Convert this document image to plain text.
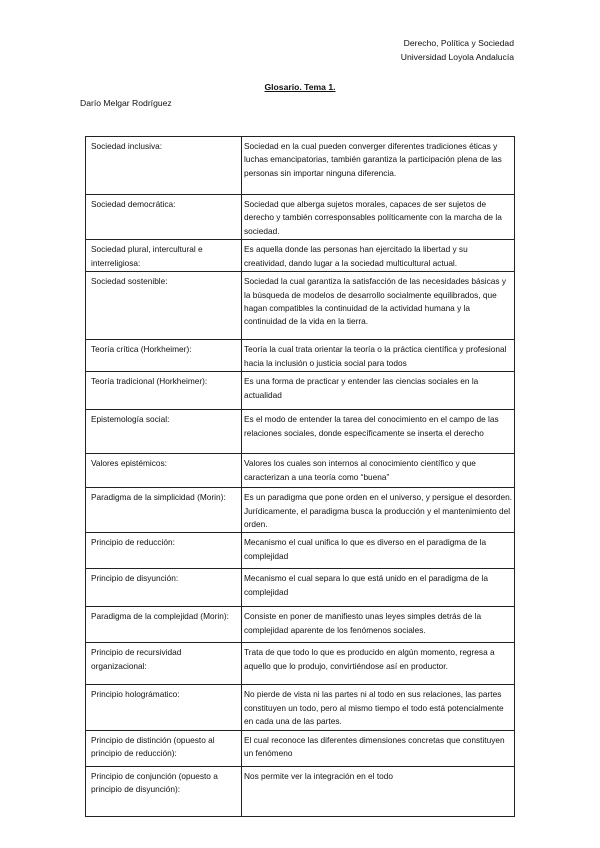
Derecho, Política y Sociedad
Universidad Loyola Andalucía
Glosario. Tema 1.
Darío Melgar Rodríguez
Sociedad inclusiva:	Sociedad en la cual pueden converger diferentes tradiciones éticas y luchas emancipatorias, también garantiza la participación plena de las personas sin importar ninguna diferencia.
Sociedad democrática:	Sociedad que alberga sujetos morales, capaces de ser sujetos de derecho y también corresponsables políticamente con la marcha de la sociedad.
Sociedad plural, intercultural e interreligiosa:	Es aquella donde las personas han ejercitado la libertad y su creatividad, dando lugar a la sociedad multicultural actual.
Sociedad sostenible:	Sociedad la cual garantiza la satisfacción de las necesidades básicas y la búsqueda de modelos de desarrollo socialmente equilibrados, que hagan compatibles la continuidad de la actividad humana y la continuidad de la vida en la tierra.
Teoría crítica (Horkheimer):	Teoría la cual trata orientar la teoría o la práctica científica y profesional hacia la inclusión o justicia social para todos
Teoría tradicional (Horkheimer):	Es una forma de practicar y entender las ciencias sociales en la actualidad
Epistemología social:	Es el modo de entender la tarea del conocimiento en el campo de las relaciones sociales, donde específicamente se inserta el derecho
Valores epistémicos:	Valores los cuales son internos al conocimiento científico y que caracterizan a una teoría como “buena”
Paradigma de la simplicidad (Morin):	Es un paradigma que pone orden en el universo, y persigue el desorden. Jurídicamente, el paradigma busca la producción y el mantenimiento del orden.
Principio de reducción:	Mecanismo el cual unifica lo que es diverso en el paradigma de la complejidad
Principio de disyunción:	Mecanismo el cual separa lo que está unido en el paradigma de la complejidad
Paradigma de la complejidad (Morin):	Consiste en poner de manifiesto unas leyes simples detrás de la complejidad aparente de los fenómenos sociales.
Principio de recursividad organizacional:	Trata de que todo lo que es producido en algún momento, regresa a aquello que lo produjo, convirtiéndose así en productor.
Principio holográmatico:	No pierde de vista ni las partes ni al todo en sus relaciones, las partes constituyen un todo, pero al mismo tiempo el todo está potencialmente en cada una de las partes.
Principio de distinción (opuesto al principio de reducción):	El cual reconoce las diferentes dimensiones concretas que constituyen un fenómeno
Principio de conjunción (opuesto a principio de disyunción):	Nos permite ver la integración en el todo
